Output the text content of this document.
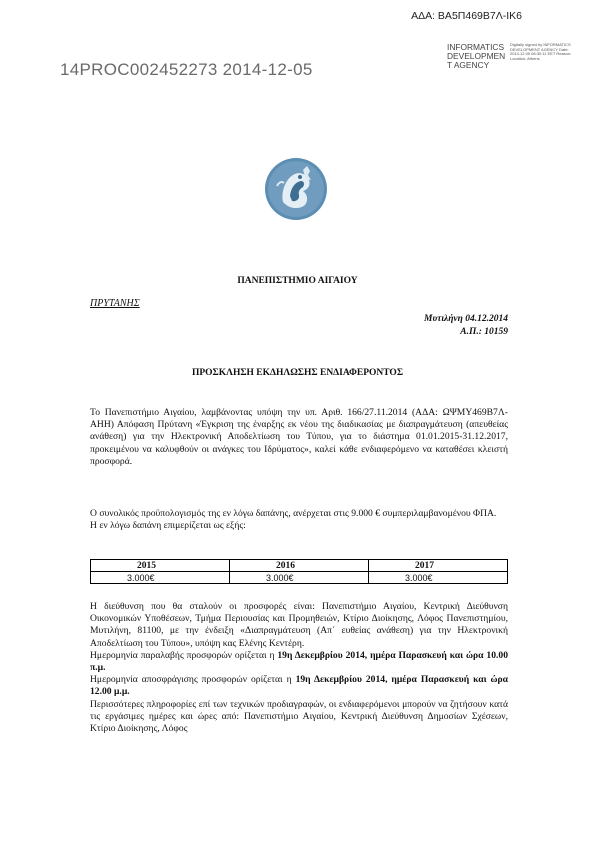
ΑΔΑ: ΒΑ5Π469Β7Λ-ΙΚ6
14PROC002452273 2014-12-05
INFORMATICS DEVELOPMEN T AGENCY
Digitally signed by INFORMATICS DEVELOPMENT AGENCY Date: 2014.12.05 08:30:11 EET Reason: Location: Athens
ΠΑΝΕΠΙΣΤΗΜΙΟ ΑΙΓΑΙΟΥ
ΠΡΥΤΑΝΗΣ
Μυτιλήνη 04.12.2014
Α.Π.: 10159
ΠΡΟΣΚΛΗΣΗ ΕΚΔΗΛΩΣΗΣ ΕΝΔΙΑΦΕΡΟΝΤΟΣ

Το Πανεπιστήμιο Αιγαίου, λαμβάνοντας υπόψη την υπ. Αριθ. 166/27.11.2014 (ΑΔΑ: ΩΨΜΥ469Β7Λ-ΑΗΗ) Απόφαση Πρύτανη «Έγκριση της έναρξης εκ νέου της διαδικασίας με διαπραγμάτευση (απευθείας ανάθεση) για την Ηλεκτρονική Αποδελτίωση του Τύπου, για το διάστημα 01.01.2015-31.12.2017, προκειμένου να καλυφθούν οι ανάγκες του Ιδρύματος», καλεί κάθε ενδιαφερόμενο να καταθέσει κλειστή προσφορά.

Ο συνολικός προϋπολογισμός της εν λόγω δαπάνης, ανέρχεται στις 9.000 € συμπεριλαμβανομένου ΦΠΑ.

Η εν λόγω δαπάνη επιμερίζεται ως εξής:

2015	2016	2017
3.000€	3.000€	3.000€

Η διεύθυνση που θα σταλούν οι προσφορές είναι: Πανεπιστήμιο Αιγαίου, Κεντρική Διεύθυνση Οικονομικών Υποθέσεων, Τμήμα Περιουσίας και Προμηθειών, Κτίριο Διοίκησης, Λόφος Πανεπιστημίου, Μυτιλήνη, 81100, με την ένδειξη «Διαπραγμάτευση (Απ΄ ευθείας ανάθεση) για την Ηλεκτρονική Αποδελτίωση του Τύπου», υπόψη κας Ελένης Κεντέρη.

Ημερομηνία παραλαβής προσφορών ορίζεται η 19η Δεκεμβρίου 2014, ημέρα Παρασκευή και ώρα 10.00 π.μ.

Ημερομηνία αποσφράγισης προσφορών ορίζεται η 19η Δεκεμβρίου 2014, ημέρα Παρασκευή και ώρα 12.00 μ.μ.

Περισσότερες πληροφορίες επί των τεχνικών προδιαγραφών, οι ενδιαφερόμενοι μπορούν να ζητήσουν κατά τις εργάσιμες ημέρες και ώρες από: Πανεπιστήμιο Αιγαίου, Κεντρική Διεύθυνση Δημοσίων Σχέσεων, Κτίριο Διοίκησης, Λόφος
